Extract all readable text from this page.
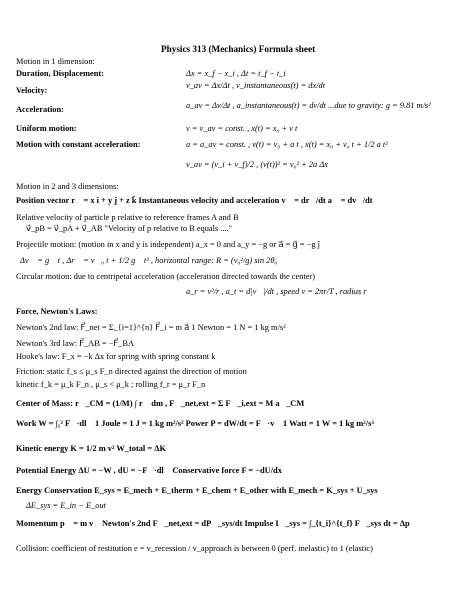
Physics 313 (Mechanics) Formula sheet
Motion in 1 dimension:
Duration, Displacement:	Δx = x_f − x_i , Δt = t_f − t_i
Velocity:
v_av = Δx/Δt , v_instantaneous(t) = dx/dt
Acceleration:	a_av = Δv/Δt , a_instantaneous(t) = dv/dt ...due to gravity: g = 9.81 m/s²
Uniform motion:	v = v_av = const. , x(t) = x₀ + v t
Motion with constant acceleration:	a = a_av = const. , v(t) = v₀ + a t , x(t) = x₀ + v₀ t + 1/2 a t²
v_av = (v_i + v_f)/2 , (v(t))² = v₀² + 2a Δx
Motion in 2 and 3 dimensions:
Position vector r⃗ = x î + y ĵ + z k̂ Instantaneous velocity and acceleration v⃗ = dr⃗/dt a⃗ = dv⃗/dt
Relative velocity of particle p relative to reference frames A and B
v⃗_pB = v⃗_pA + v⃗_AB "Velocity of p relative to B equals ...."
Projectile motion: (motion in x and y is independent) a_x = 0 and a_y = −g or a⃗ = g⃗ = −g ĵ
Δv⃗ = g⃗ t , Δr⃗ = v⃗₀ t + 1/2 g⃗ t² , horizontal range: R = (v₀²/g) sin 2θ₀
Circular motion: due to centripetal acceleration (acceleration directed towards the center)
a_r = v²/r , a_t = d|v⃗|/dt , speed v = 2πr/T , radius r
Force, Newton's Laws:
Newton's 2nd law: F⃗_net = Σ_{i=1}^{n} F⃗_i = m a⃗ 1 Newton = 1 N = 1 kg m/s²
Newton's 3rd law: F⃗_AB = −F⃗_BA
Hooke's law: F_x = −k Δx for spring with spring constant k
Friction: static f_s ≤ μ_s F_n directed against the direction of motion
kinetic f_k = μ_k F_n , μ_s < μ_k ; rolling f_r = μ_r F_n
Center of Mass: r⃗_CM = (1/M) ∫ r⃗ dm , F⃗_net,ext = Σ F⃗_i,ext = M a⃗_CM
Work W = ∫₁² F⃗·dl⃗ 1 Joule = 1 J = 1 kg m²/s² Power P = dW/dt = F⃗·v⃗ 1 Watt = 1 W = 1 kg m²/s³
Kinetic energy K = 1/2 m v² W_total = ΔK
Potential Energy ΔU = −W , dU = −F⃗·dl⃗ Conservative force F = −dU/dx
Energy Conservation E_sys = E_mech + E_therm + E_chem + E_other with E_mech = K_sys + U_sys
ΔE_sys = E_in − E_out
Momentum p⃗ = m v⃗ Newton's 2nd F⃗_net,ext = dP⃗_sys/dt Impulse I⃗_sys = ∫_{t_i}^{t_f} F⃗_sys dt = Δp⃗
Collision: coefficient of restitution e = v_recession / v_approach is between 0 (perf. inelastic) to 1 (elastic)
